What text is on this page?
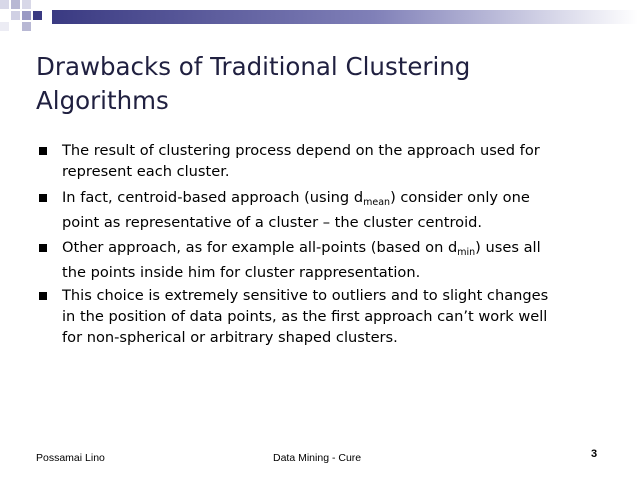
Drawbacks of Traditional Clustering
Algorithms
The result of clustering process depend on the approach used for
represent each cluster.
In fact, centroid-based approach (using $d_{mean}$) consider only one
point as representative of a cluster – the cluster centroid.
Other approach, as for example all-points (based on $d_{min}$) uses all
the points inside him for cluster rappresentation.
This choice is extremely sensitive to outliers and to slight changes
in the position of data points, as the first approach can’t work well
for non-spherical or arbitrary shaped clusters.
Possamai Lino	Data Mining - Cure	3
